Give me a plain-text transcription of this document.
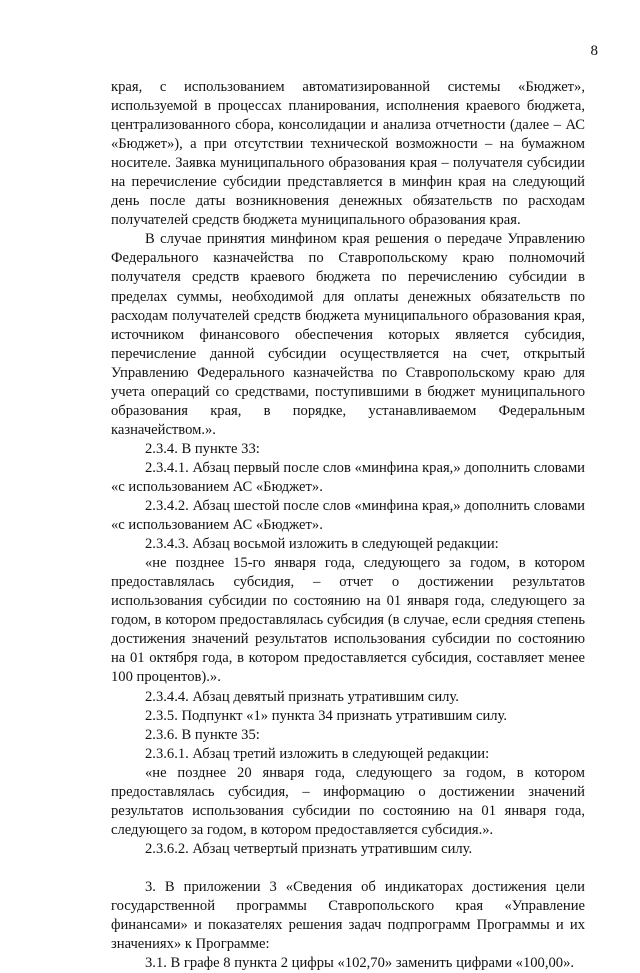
8

края, с использованием автоматизированной системы «Бюджет», используемой в процессах планирования, исполнения краевого бюджета, централизованного сбора, консолидации и анализа отчетности (далее – АС «Бюджет»), а при отсутствии технической возможности – на бумажном носителе. Заявка муниципального образования края – получателя субсидии на перечисление субсидии представляется в минфин края на следующий день после даты возникновения денежных обязательств по расходам получателей средств бюджета муниципального образования края.

В случае принятия минфином края решения о передаче Управлению Федерального казначейства по Ставропольскому краю полномочий получателя средств краевого бюджета по перечислению субсидии в пределах суммы, необходимой для оплаты денежных обязательств по расходам получателей средств бюджета муниципального образования края, источником финансового обеспечения которых является субсидия, перечисление данной субсидии осуществляется на счет, открытый Управлению Федерального казначейства по Ставропольскому краю для учета операций со средствами, поступившими в бюджет муниципального образования края, в порядке, устанавливаемом Федеральным казначейством.».

2.3.4. В пункте 33:

2.3.4.1. Абзац первый после слов «минфина края,» дополнить словами «с использованием АС «Бюджет».

2.3.4.2. Абзац шестой после слов «минфина края,» дополнить словами «с использованием АС «Бюджет».

2.3.4.3. Абзац восьмой изложить в следующей редакции:

«не позднее 15-го января года, следующего за годом, в котором предоставлялась субсидия, – отчет о достижении результатов использования субсидии по состоянию на 01 января года, следующего за годом, в котором предоставлялась субсидия (в случае, если средняя степень достижения значений результатов использования субсидии по состоянию на 01 октября года, в котором предоставляется субсидия, составляет менее 100 процентов).».

2.3.4.4. Абзац девятый признать утратившим силу.

2.3.5. Подпункт «1» пункта 34 признать утратившим силу.

2.3.6. В пункте 35:

2.3.6.1. Абзац третий изложить в следующей редакции:

«не позднее 20 января года, следующего за годом, в котором предоставлялась субсидия, – информацию о достижении значений результатов использования субсидии по состоянию на 01 января года, следующего за годом, в котором предоставляется субсидия.».

2.3.6.2. Абзац четвертый признать утратившим силу.

3. В приложении 3 «Сведения об индикаторах достижения цели государственной программы Ставропольского края «Управление финансами» и показателях решения задач подпрограмм Программы и их значениях» к Программе:

3.1. В графе 8 пункта 2 цифры «102,70» заменить цифрами «100,00».
